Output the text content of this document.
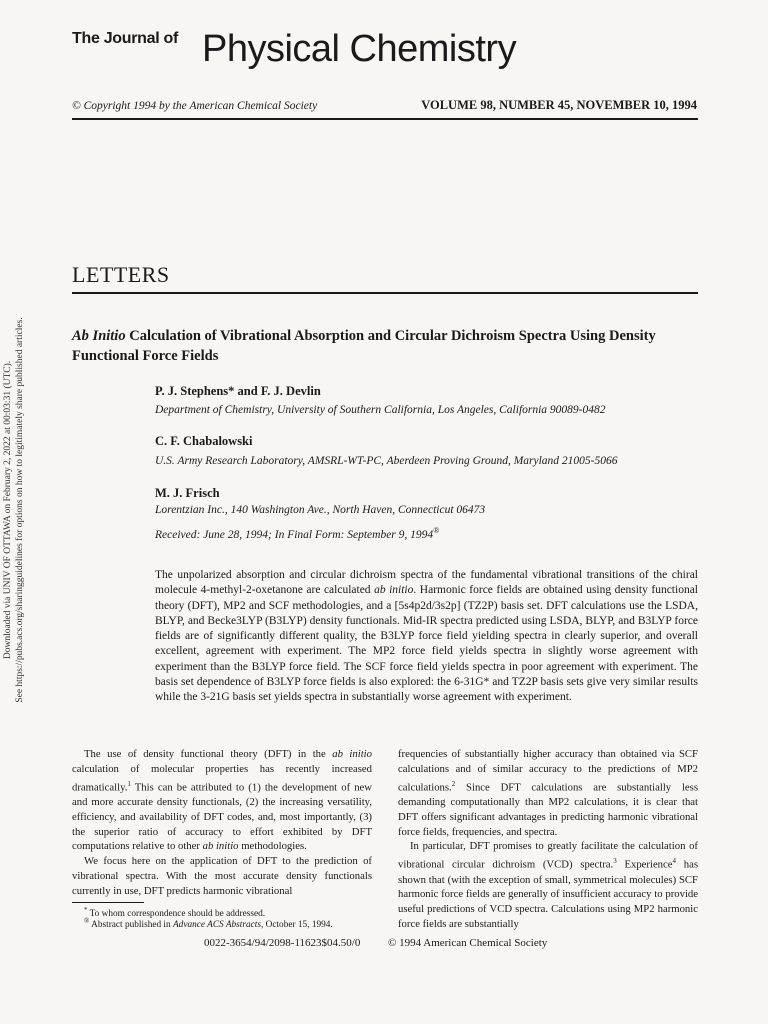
The Journal of Physical Chemistry
© Copyright 1994 by the American Chemical Society	VOLUME 98, NUMBER 45, NOVEMBER 10, 1994
Downloaded via UNIV OF OTTAWA on February 2, 2022 at 00:03:31 (UTC). See https://pubs.acs.org/sharingguidelines for options on how to legitimately share published articles.
LETTERS
Ab Initio Calculation of Vibrational Absorption and Circular Dichroism Spectra Using Density Functional Force Fields
P. J. Stephens* and F. J. Devlin
Department of Chemistry, University of Southern California, Los Angeles, California 90089-0482
C. F. Chabalowski
U.S. Army Research Laboratory, AMSRL-WT-PC, Aberdeen Proving Ground, Maryland 21005-5066
M. J. Frisch
Lorentzian Inc., 140 Washington Ave., North Haven, Connecticut 06473
Received: June 28, 1994; In Final Form: September 9, 1994®
The unpolarized absorption and circular dichroism spectra of the fundamental vibrational transitions of the chiral molecule 4-methyl-2-oxetanone are calculated ab initio. Harmonic force fields are obtained using density functional theory (DFT), MP2 and SCF methodologies, and a [5s4p2d/3s2p] (TZ2P) basis set. DFT calculations use the LSDA, BLYP, and Becke3LYP (B3LYP) density functionals. Mid-IR spectra predicted using LSDA, BLYP, and B3LYP force fields are of significantly different quality, the B3LYP force field yielding spectra in clearly superior, and overall excellent, agreement with experiment. The MP2 force field yields spectra in slightly worse agreement with experiment than the B3LYP force field. The SCF force field yields spectra in poor agreement with experiment. The basis set dependence of B3LYP force fields is also explored: the 6-31G* and TZ2P basis sets give very similar results while the 3-21G basis set yields spectra in substantially worse agreement with experiment.

The use of density functional theory (DFT) in the ab initio calculation of molecular properties has recently increased dramatically.$^1$ This can be attributed to (1) the development of new and more accurate density functionals, (2) the increasing versatility, efficiency, and availability of DFT codes, and, most importantly, (3) the superior ratio of accuracy to effort exhibited by DFT computations relative to other ab initio methodologies.

We focus here on the application of DFT to the prediction of vibrational spectra. With the most accurate density functionals currently in use, DFT predicts harmonic vibrational

frequencies of substantially higher accuracy than obtained via SCF calculations and of similar accuracy to the predictions of MP2 calculations.$^2$ Since DFT calculations are substantially less demanding computationally than MP2 calculations, it is clear that DFT offers significant advantages in predicting harmonic vibrational force fields, frequencies, and spectra.

In particular, DFT promises to greatly facilitate the calculation of vibrational circular dichroism (VCD) spectra.$^3$ Experience$^4$ has shown that (with the exception of small, symmetrical molecules) SCF harmonic force fields are generally of insufficient accuracy to provide useful predictions of VCD spectra. Calculations using MP2 harmonic force fields are substantially

* To whom correspondence should be addressed.
® Abstract published in Advance ACS Abstracts, October 15, 1994.
0022-3654/94/2098-11623$04.50/0	© 1994 American Chemical Society
